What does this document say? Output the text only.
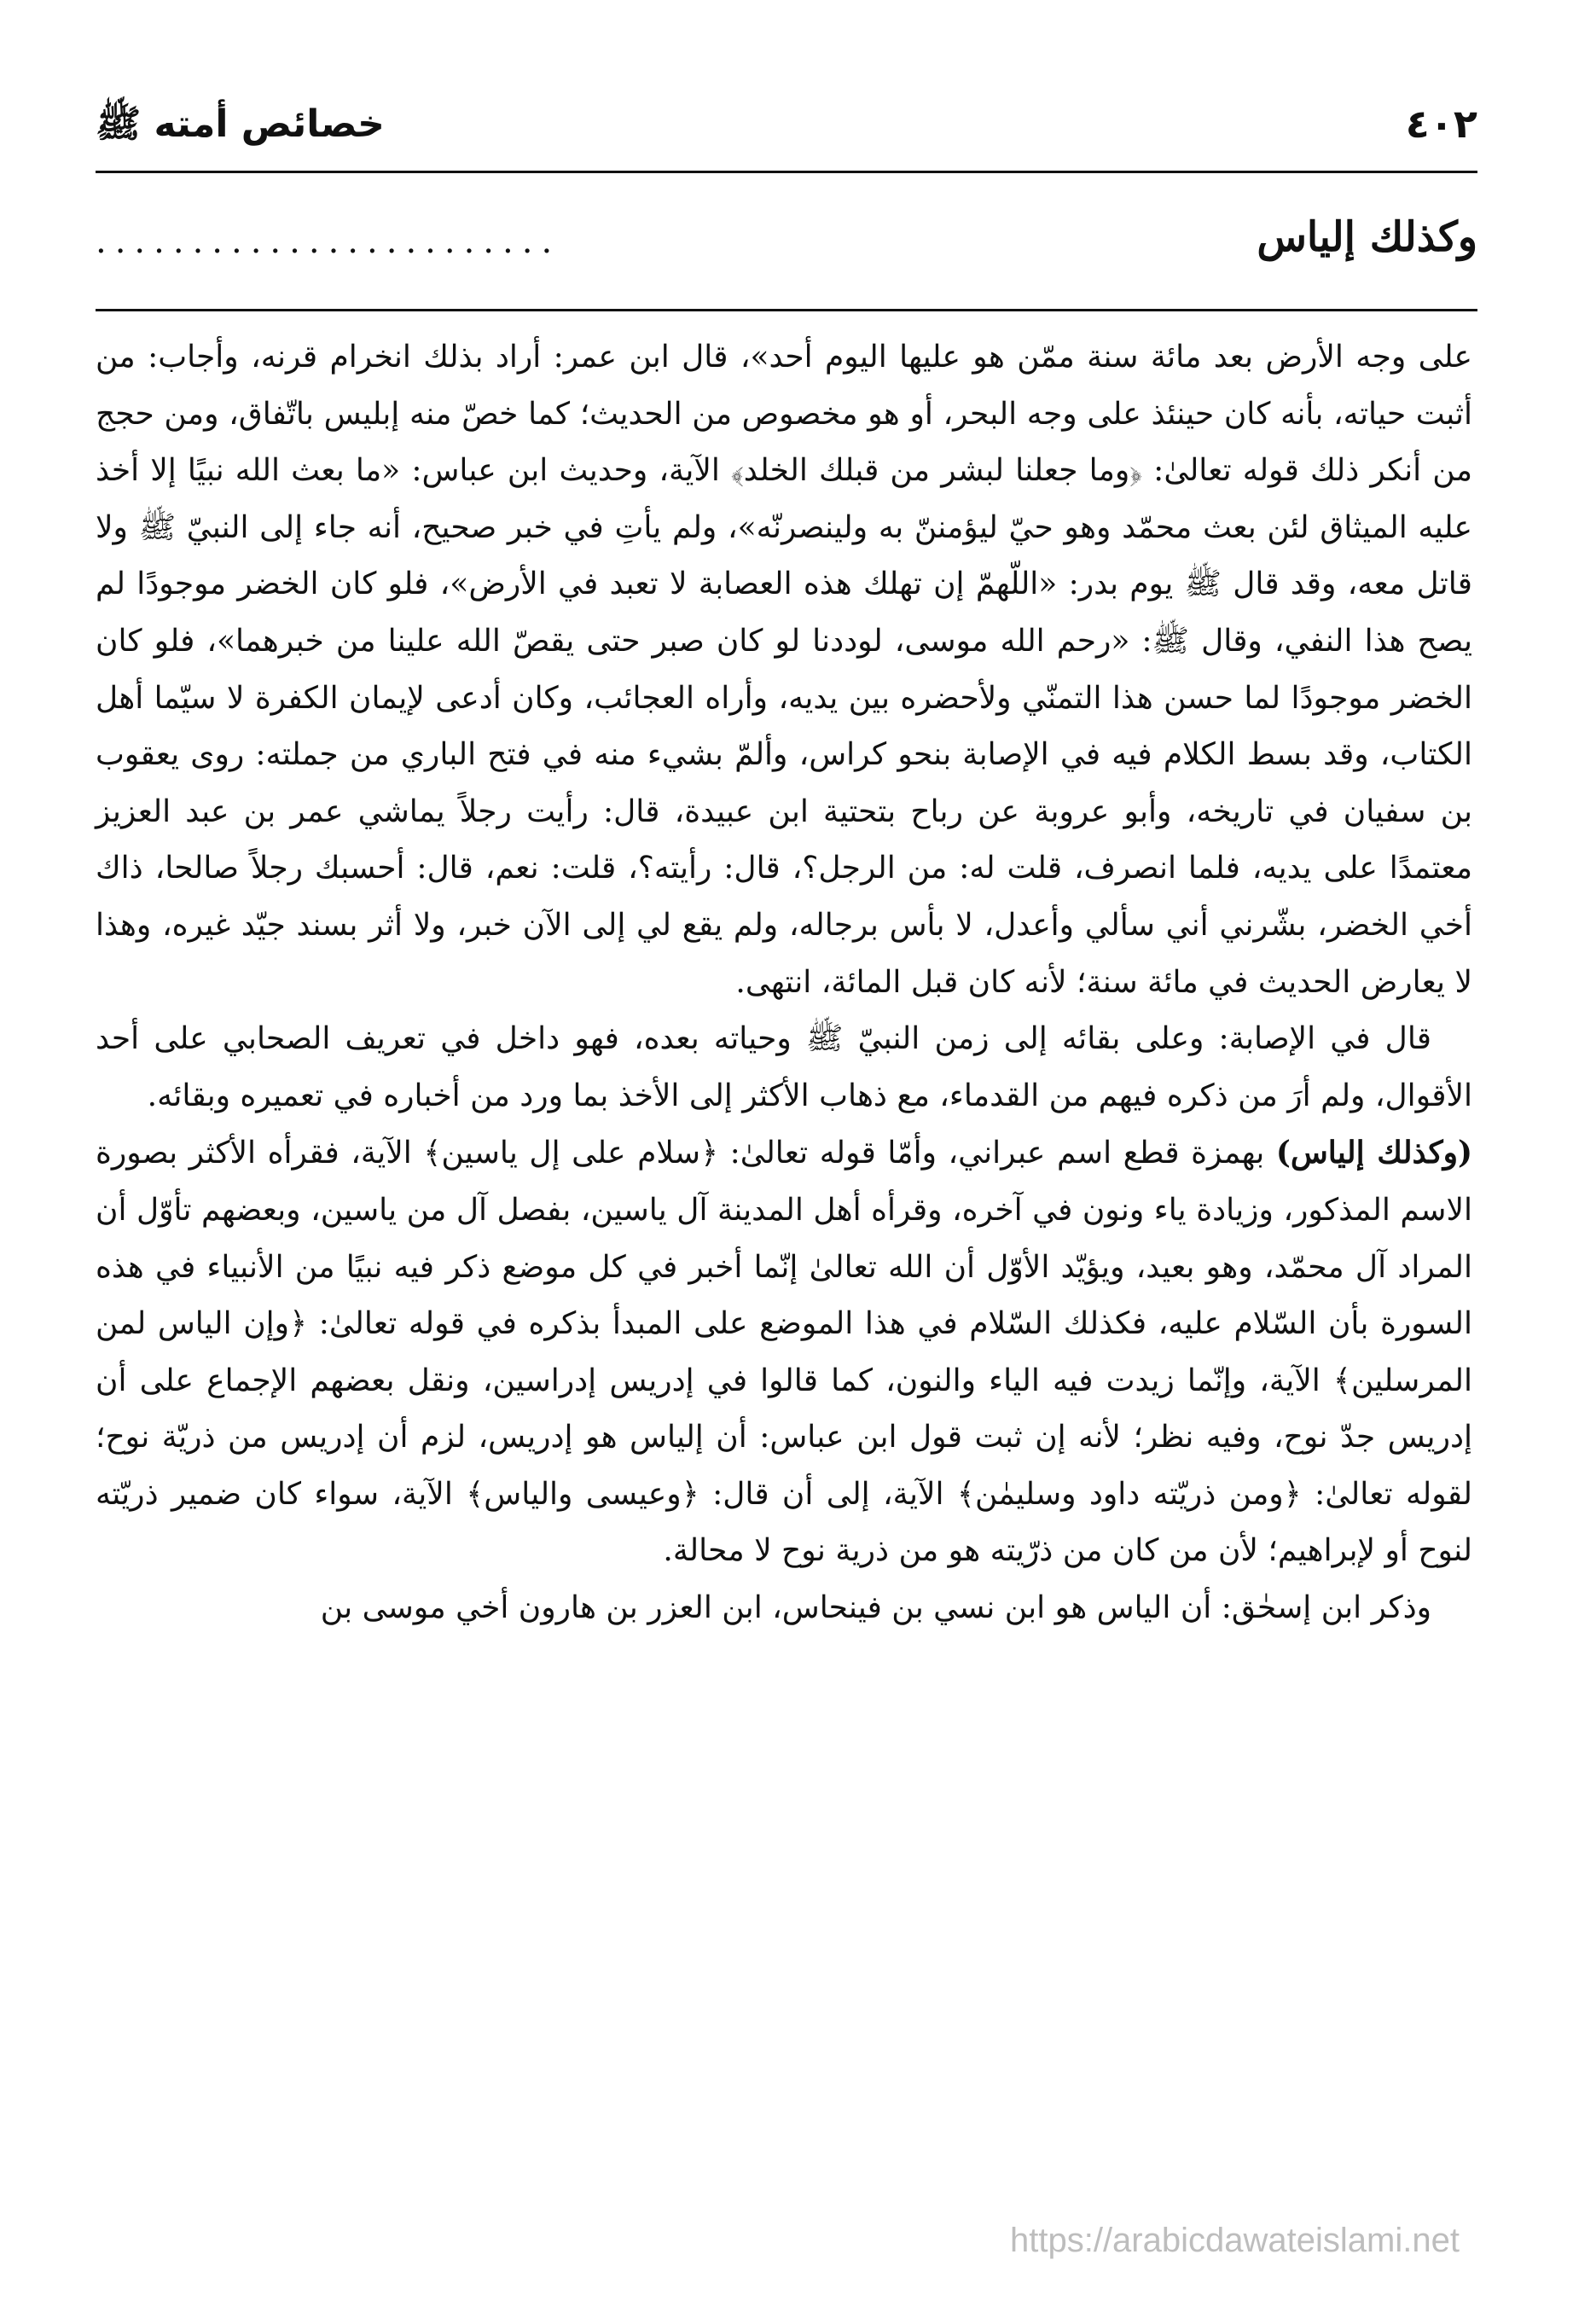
٤٠٢
خصائص أمته ﷺ
وكذلك إلياس
........................

على وجه الأرض بعد مائة سنة ممّن هو عليها اليوم أحد»، قال ابن عمر: أراد بذلك انخرام قرنه، وأجاب: من أثبت حياته، بأنه كان حينئذ على وجه البحر، أو هو مخصوص من الحديث؛ كما خصّ منه إبليس باتّفاق، ومن حجج من أنكر ذلك قوله تعالىٰ: ﴿وما جعلنا لبشر من قبلك الخلد﴾ الآية، وحديث ابن عباس: «ما بعث الله نبيًا إلا أخذ عليه الميثاق لئن بعث محمّد وهو حيّ ليؤمننّ به ولينصرنّه»، ولم يأتِ في خبر صحيح، أنه جاء إلى النبيّ ﷺ ولا قاتل معه، وقد قال ﷺ يوم بدر: «اللّهمّ إن تهلك هذه العصابة لا تعبد في الأرض»، فلو كان الخضر موجودًا لم يصح هذا النفي، وقال ﷺ: «رحم الله موسى، لوددنا لو كان صبر حتى يقصّ الله علينا من خبرهما»، فلو كان الخضر موجودًا لما حسن هذا التمنّي ولأحضره بين يديه، وأراه العجائب، وكان أدعى لإيمان الكفرة لا سيّما أهل الكتاب، وقد بسط الكلام فيه في الإصابة بنحو كراس، وألمّ بشيء منه في فتح الباري من جملته: روى يعقوب بن سفيان في تاريخه، وأبو عروبة عن رباح بتحتية ابن عبيدة، قال: رأيت رجلاً يماشي عمر بن عبد العزيز معتمدًا على يديه، فلما انصرف، قلت له: من الرجل؟، قال: رأيته؟، قلت: نعم، قال: أحسبك رجلاً صالحا، ذاك أخي الخضر، بشّرني أني سألي وأعدل، لا بأس برجاله، ولم يقع لي إلى الآن خبر، ولا أثر بسند جيّد غيره، وهذا لا يعارض الحديث في مائة سنة؛ لأنه كان قبل المائة، انتهى.

قال في الإصابة: وعلى بقائه إلى زمن النبيّ ﷺ وحياته بعده، فهو داخل في تعريف الصحابي على أحد الأقوال، ولم أرَ من ذكره فيهم من القدماء، مع ذهاب الأكثر إلى الأخذ بما ورد من أخباره في تعميره وبقائه.

(وكذلك إلياس) بهمزة قطع اسم عبراني، وأمّا قوله تعالىٰ: ﴿سلام على إل ياسين﴾ الآية، فقرأه الأكثر بصورة الاسم المذكور، وزيادة ياء ونون في آخره، وقرأه أهل المدينة آل ياسين، بفصل آل من ياسين، وبعضهم تأوّل أن المراد آل محمّد، وهو بعيد، ويؤيّد الأوّل أن الله تعالىٰ إنّما أخبر في كل موضع ذكر فيه نبيًا من الأنبياء في هذه السورة بأن السّلام عليه، فكذلك السّلام في هذا الموضع على المبدأ بذكره في قوله تعالىٰ: ﴿وإن الياس لمن المرسلين﴾ الآية، وإنّما زيدت فيه الياء والنون، كما قالوا في إدريس إدراسين، ونقل بعضهم الإجماع على أن إدريس جدّ نوح، وفيه نظر؛ لأنه إن ثبت قول ابن عباس: أن إلياس هو إدريس، لزم أن إدريس من ذريّة نوح؛ لقوله تعالىٰ: ﴿ومن ذريّته داود وسليمٰن﴾ الآية، إلى أن قال: ﴿وعيسى والياس﴾ الآية، سواء كان ضمير ذريّته لنوح أو لإبراهيم؛ لأن من كان من ذرّيته هو من ذرية نوح لا محالة.

وذكر ابن إسحٰق: أن الياس هو ابن نسي بن فينحاس، ابن العزر بن هارون أخي موسى بن

https://arabicdawateislami.net
